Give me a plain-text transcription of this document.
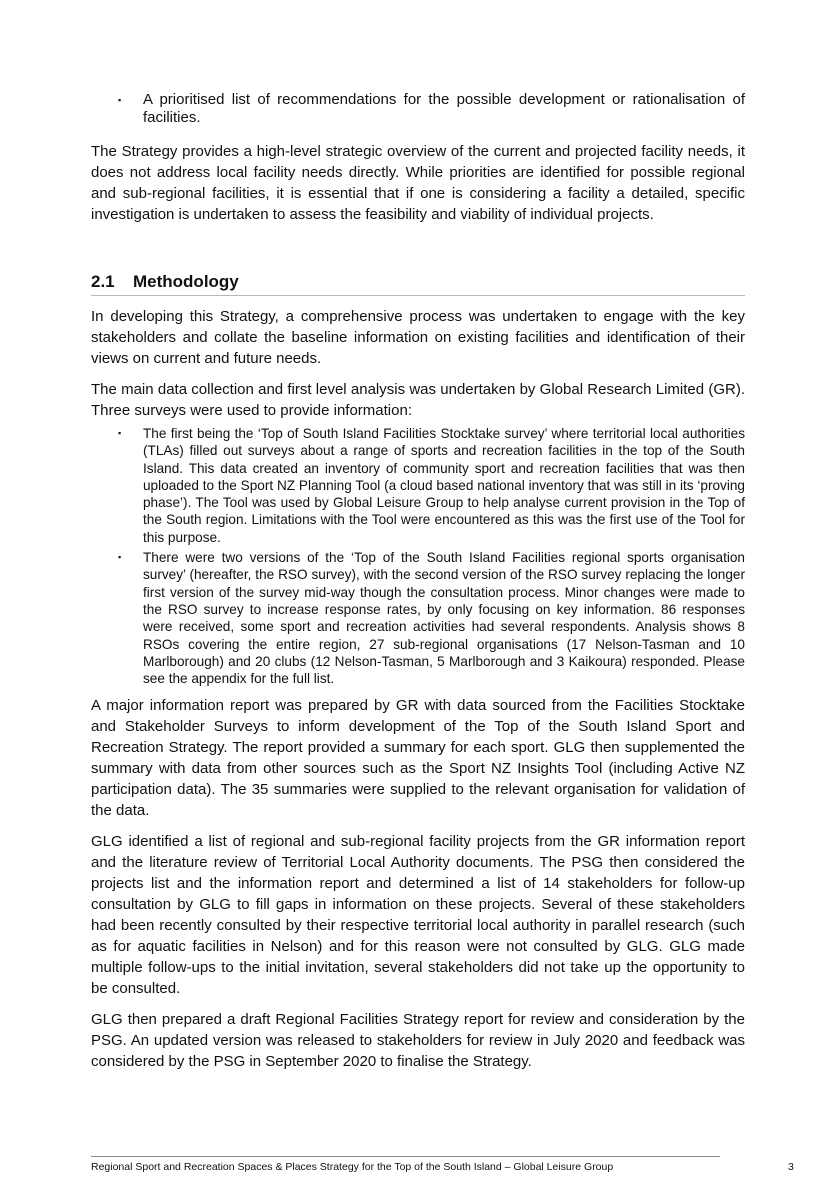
▪ A prioritised list of recommendations for the possible development or rationalisation of facilities.

The Strategy provides a high-level strategic overview of the current and projected facility needs, it does not address local facility needs directly. While priorities are identified for possible regional and sub-regional facilities, it is essential that if one is considering a facility a detailed, specific investigation is undertaken to assess the feasibility and viability of individual projects.

2.1 Methodology

In developing this Strategy, a comprehensive process was undertaken to engage with the key stakeholders and collate the baseline information on existing facilities and identification of their views on current and future needs.

The main data collection and first level analysis was undertaken by Global Research Limited (GR). Three surveys were used to provide information:

▪ The first being the ‘Top of South Island Facilities Stocktake survey’ where territorial local authorities (TLAs) filled out surveys about a range of sports and recreation facilities in the top of the South Island. This data created an inventory of community sport and recreation facilities that was then uploaded to the Sport NZ Planning Tool (a cloud based national inventory that was still in its ‘proving phase’). The Tool was used by Global Leisure Group to help analyse current provision in the Top of the South region. Limitations with the Tool were encountered as this was the first use of the Tool for this purpose.
▪ There were two versions of the ‘Top of the South Island Facilities regional sports organisation survey’ (hereafter, the RSO survey), with the second version of the RSO survey replacing the longer first version of the survey mid-way though the consultation process. Minor changes were made to the RSO survey to increase response rates, by only focusing on key information. 86 responses were received, some sport and recreation activities had several respondents. Analysis shows 8 RSOs covering the entire region, 27 sub-regional organisations (17 Nelson-Tasman and 10 Marlborough) and 20 clubs (12 Nelson-Tasman, 5 Marlborough and 3 Kaikoura) responded. Please see the appendix for the full list.

A major information report was prepared by GR with data sourced from the Facilities Stocktake and Stakeholder Surveys to inform development of the Top of the South Island Sport and Recreation Strategy. The report provided a summary for each sport. GLG then supplemented the summary with data from other sources such as the Sport NZ Insights Tool (including Active NZ participation data). The 35 summaries were supplied to the relevant organisation for validation of the data.

GLG identified a list of regional and sub-regional facility projects from the GR information report and the literature review of Territorial Local Authority documents. The PSG then considered the projects list and the information report and determined a list of 14 stakeholders for follow-up consultation by GLG to fill gaps in information on these projects. Several of these stakeholders had been recently consulted by their respective territorial local authority in parallel research (such as for aquatic facilities in Nelson) and for this reason were not consulted by GLG. GLG made multiple follow-ups to the initial invitation, several stakeholders did not take up the opportunity to be consulted.

GLG then prepared a draft Regional Facilities Strategy report for review and consideration by the PSG. An updated version was released to stakeholders for review in July 2020 and feedback was considered by the PSG in September 2020 to finalise the Strategy.

Regional Sport and Recreation Spaces & Places Strategy for the Top of the South Island – Global Leisure Group	3
